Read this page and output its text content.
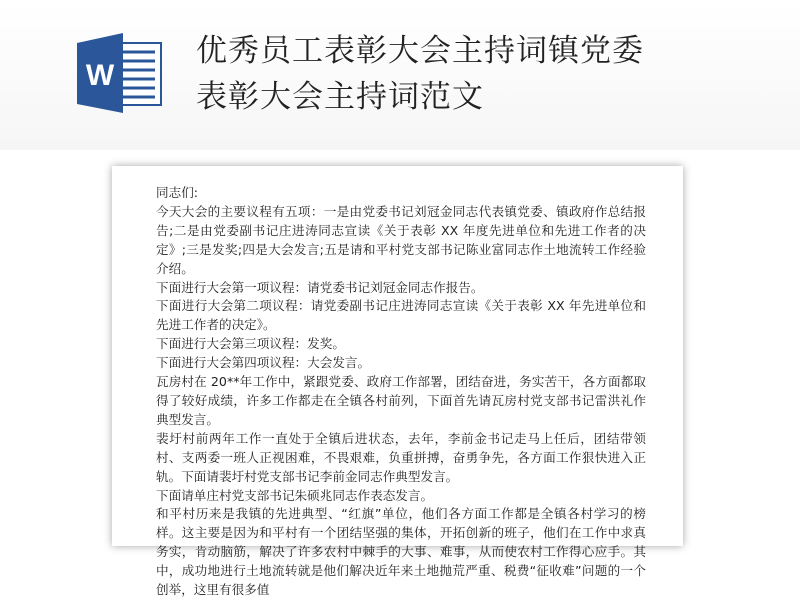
W
优秀员工表彰大会主持词镇党委
表彰大会主持词范文

同志们:

今天大会的主要议程有五项：一是由党委书记刘冠金同志代表镇党委、镇政府作总结报告;二是由党委副书记庄进涛同志宣读《关于表彰 XX 年度先进单位和先进工作者的决定》;三是发奖;四是大会发言;五是请和平村党支部书记陈业富同志作土地流转工作经验介绍。

下面进行大会第一项议程：请党委书记刘冠金同志作报告。

下面进行大会第二项议程：请党委副书记庄进涛同志宣读《关于表彰 XX 年先进单位和先进工作者的决定》。

下面进行大会第三项议程：发奖。

下面进行大会第四项议程：大会发言。

瓦房村在 20**年工作中，紧跟党委、政府工作部署，团结奋进，务实苦干，各方面都取得了较好成绩，许多工作都走在全镇各村前列，下面首先请瓦房村党支部书记雷洪礼作典型发言。

裴圩村前两年工作一直处于全镇后进状态，去年，李前金书记走马上任后，团结带领村、支两委一班人正视困难，不畏艰难，负重拼搏，奋勇争先，各方面工作狠快进入正轨。下面请裴圩村党支部书记李前金同志作典型发言。

下面请单庄村党支部书记朱硕兆同志作表态发言。

和平村历来是我镇的先进典型、“红旗”单位，他们各方面工作都是全镇各村学习的榜样。这主要是因为和平村有一个团结坚强的集体，开拓创新的班子，他们在工作中求真务实，肯动脑筋，解决了许多农村中棘手的大事、难事，从而使农村工作得心应手。其中，成功地进行土地流转就是他们解决近年来土地抛荒严重、税费“征收难”问题的一个创举，这里有很多值
